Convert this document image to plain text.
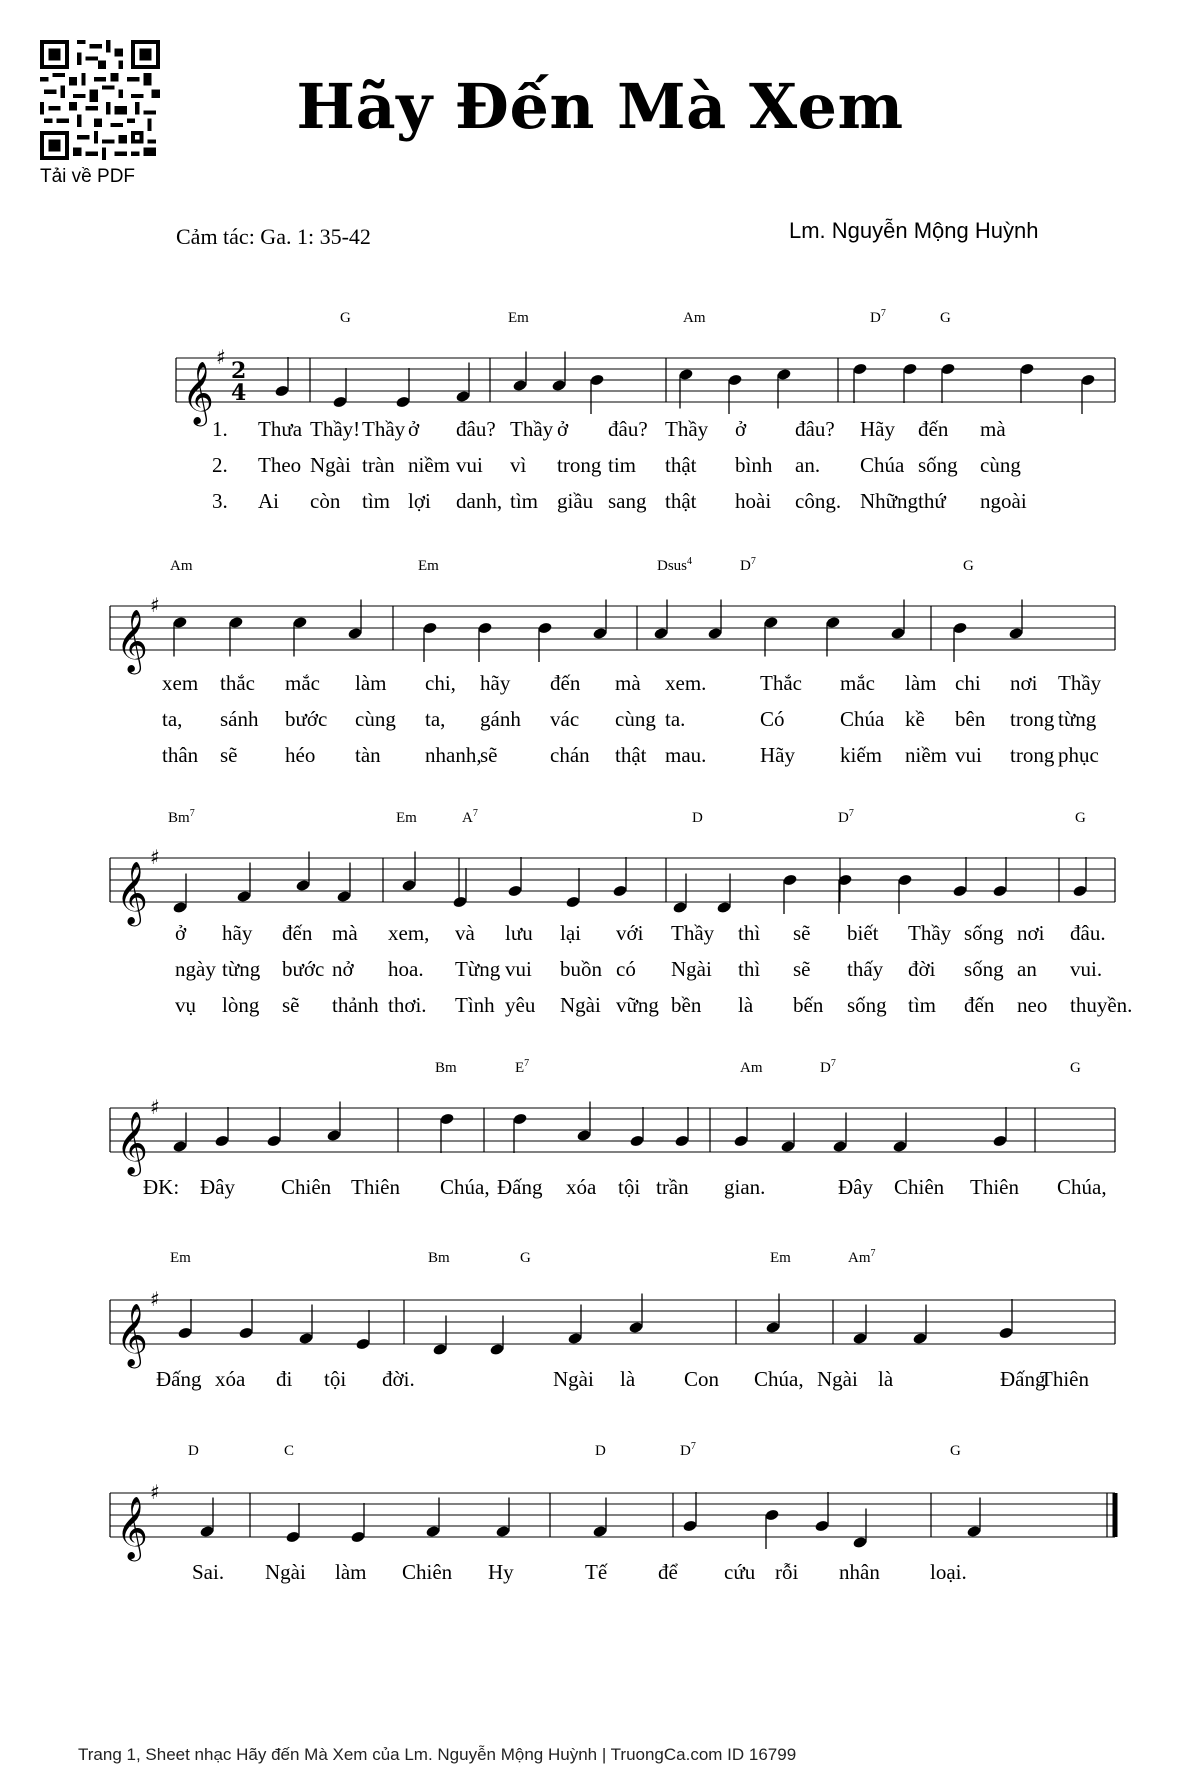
Tải về PDF
Hãy Đến Mà Xem
Cảm tác: Ga. 1: 35-42	Lm. Nguyễn Mộng Huỳnh
𝄞
♯
2
4
G	Em	Am	$D^7$	G
1. Thưa Thầy! Thầy ở đâu? Thầy ở đâu? Thầy ở đâu? Hãy đến mà
2. Theo Ngài tràn niềm vui vì trong tim thật bình an. Chúa sống cùng
3. Ai còn tìm lợi danh, tìm giầu sang thật hoài công. Những thứ ngoài
𝄞
♯
Am	Em	Dsus$^4$	$D^7$	G
xem thắc mắc làm chi, hãy đến mà xem.	Thắc mắc làm chi nơi Thầy
ta, sánh bước cùng ta, gánh vác cùng ta.	Có	Chúa kề bên trong từng
thân sẽ héo tàn nhanh,
sẽ	chán thật mau.	Hãy kiếm niềm vui trong phục
𝄞
♯
Bm$^7$	Em	$A^7$	D	$D^7$	G
ở hãy đến mà xem, và lưu lại với Thầy thì sẽ biết Thầy sống nơi đâu.
ngày từng bước nở hoa. Từng vui buồn có Ngài thì sẽ thấy đời sống an vui.
vụ lòng sẽ thảnh thơi. Tình yêu Ngài vững bền là bến sống tìm đến neo thuyền.
𝄞
♯
Bm	$E^7$	Am	$D^7$	G
ĐK: Đây Chiên Thiên Chúa, Đấng xóa tội trần gian.	Đây Chiên Thiên Chúa,
𝄞
♯
Em	Bm	G	Em	Am$^7$
Đấng xóa đi tội đời.	Ngài là Con Chúa, Ngài là	Đấng
Thiên
𝄞
♯
D	C	D	$D^7$	G
Sai. Ngài làm Chiên Hy	Tế để cứu rỗi nhân loại.
Trang 1, Sheet nhạc Hãy đến Mà Xem của Lm. Nguyễn Mộng Huỳnh | TruongCa.com ID 16799
